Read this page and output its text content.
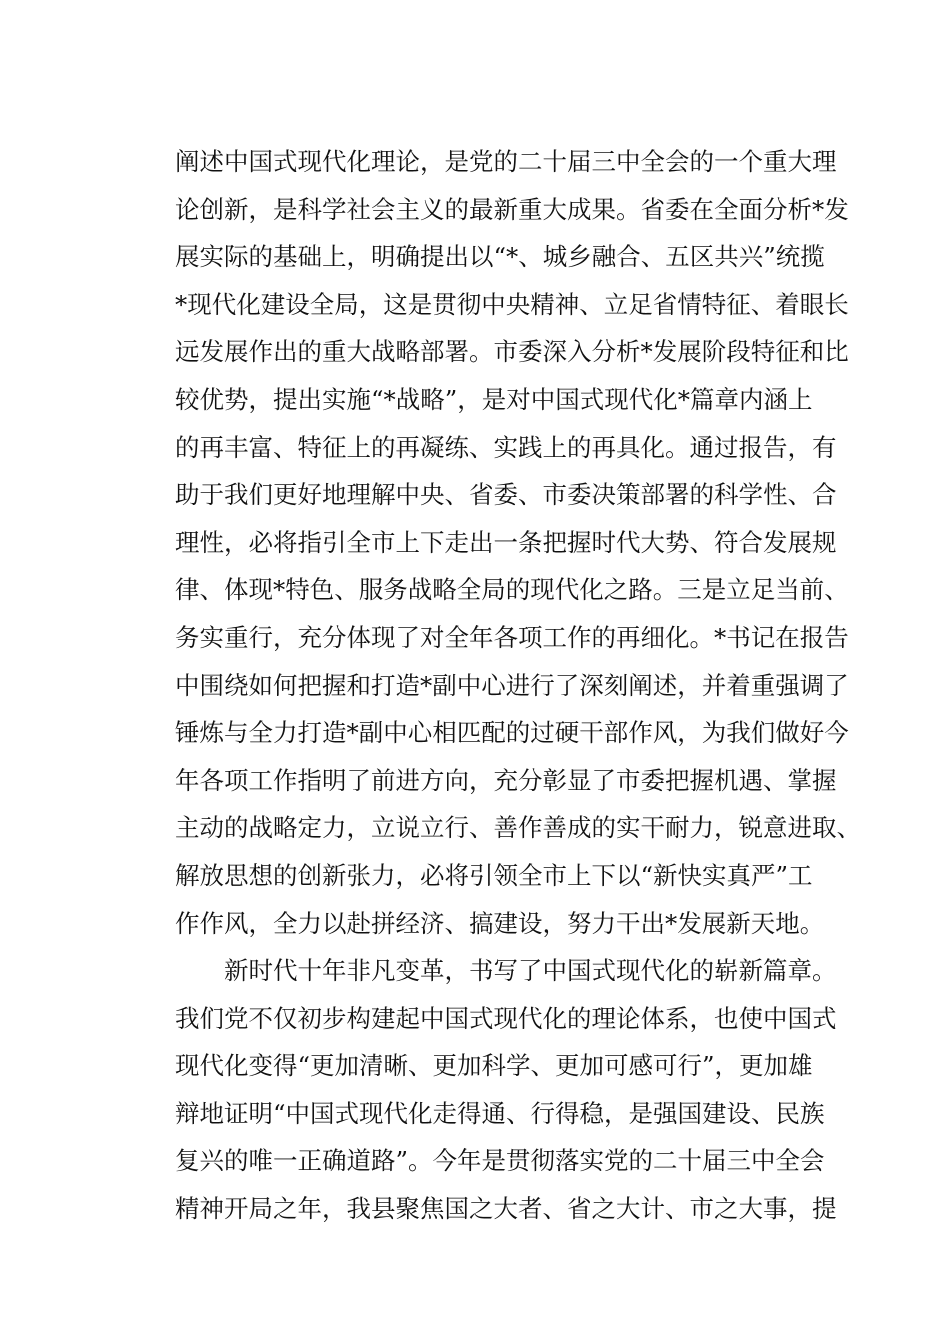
阐述中国式现代化理论，是党的二十届三中全会的一个重大理
论创新，是科学社会主义的最新重大成果。省委在全面分析*发
展实际的基础上，明确提出以“*、城乡融合、五区共兴”统揽
*现代化建设全局，这是贯彻中央精神、立足省情特征、着眼长
远发展作出的重大战略部署。市委深入分析*发展阶段特征和比
较优势，提出实施“*战略”，是对中国式现代化*篇章内涵上
的再丰富、特征上的再凝练、实践上的再具化。通过报告，有
助于我们更好地理解中央、省委、市委决策部署的科学性、合
理性，必将指引全市上下走出一条把握时代大势、符合发展规
律、体现*特色、服务战略全局的现代化之路。三是立足当前、
务实重行，充分体现了对全年各项工作的再细化。*书记在报告
中围绕如何把握和打造*副中心进行了深刻阐述，并着重强调了
锤炼与全力打造*副中心相匹配的过硬干部作风，为我们做好今
年各项工作指明了前进方向，充分彰显了市委把握机遇、掌握
主动的战略定力，立说立行、善作善成的实干耐力，锐意进取、
解放思想的创新张力，必将引领全市上下以“新快实真严”工
作作风，全力以赴拼经济、搞建设，努力干出*发展新天地。
新时代十年非凡变革，书写了中国式现代化的崭新篇章。
我们党不仅初步构建起中国式现代化的理论体系，也使中国式
现代化变得“更加清晰、更加科学、更加可感可行”，更加雄
辩地证明“中国式现代化走得通、行得稳，是强国建设、民族
复兴的唯一正确道路”。今年是贯彻落实党的二十届三中全会
精神开局之年，我县聚焦国之大者、省之大计、市之大事，提
